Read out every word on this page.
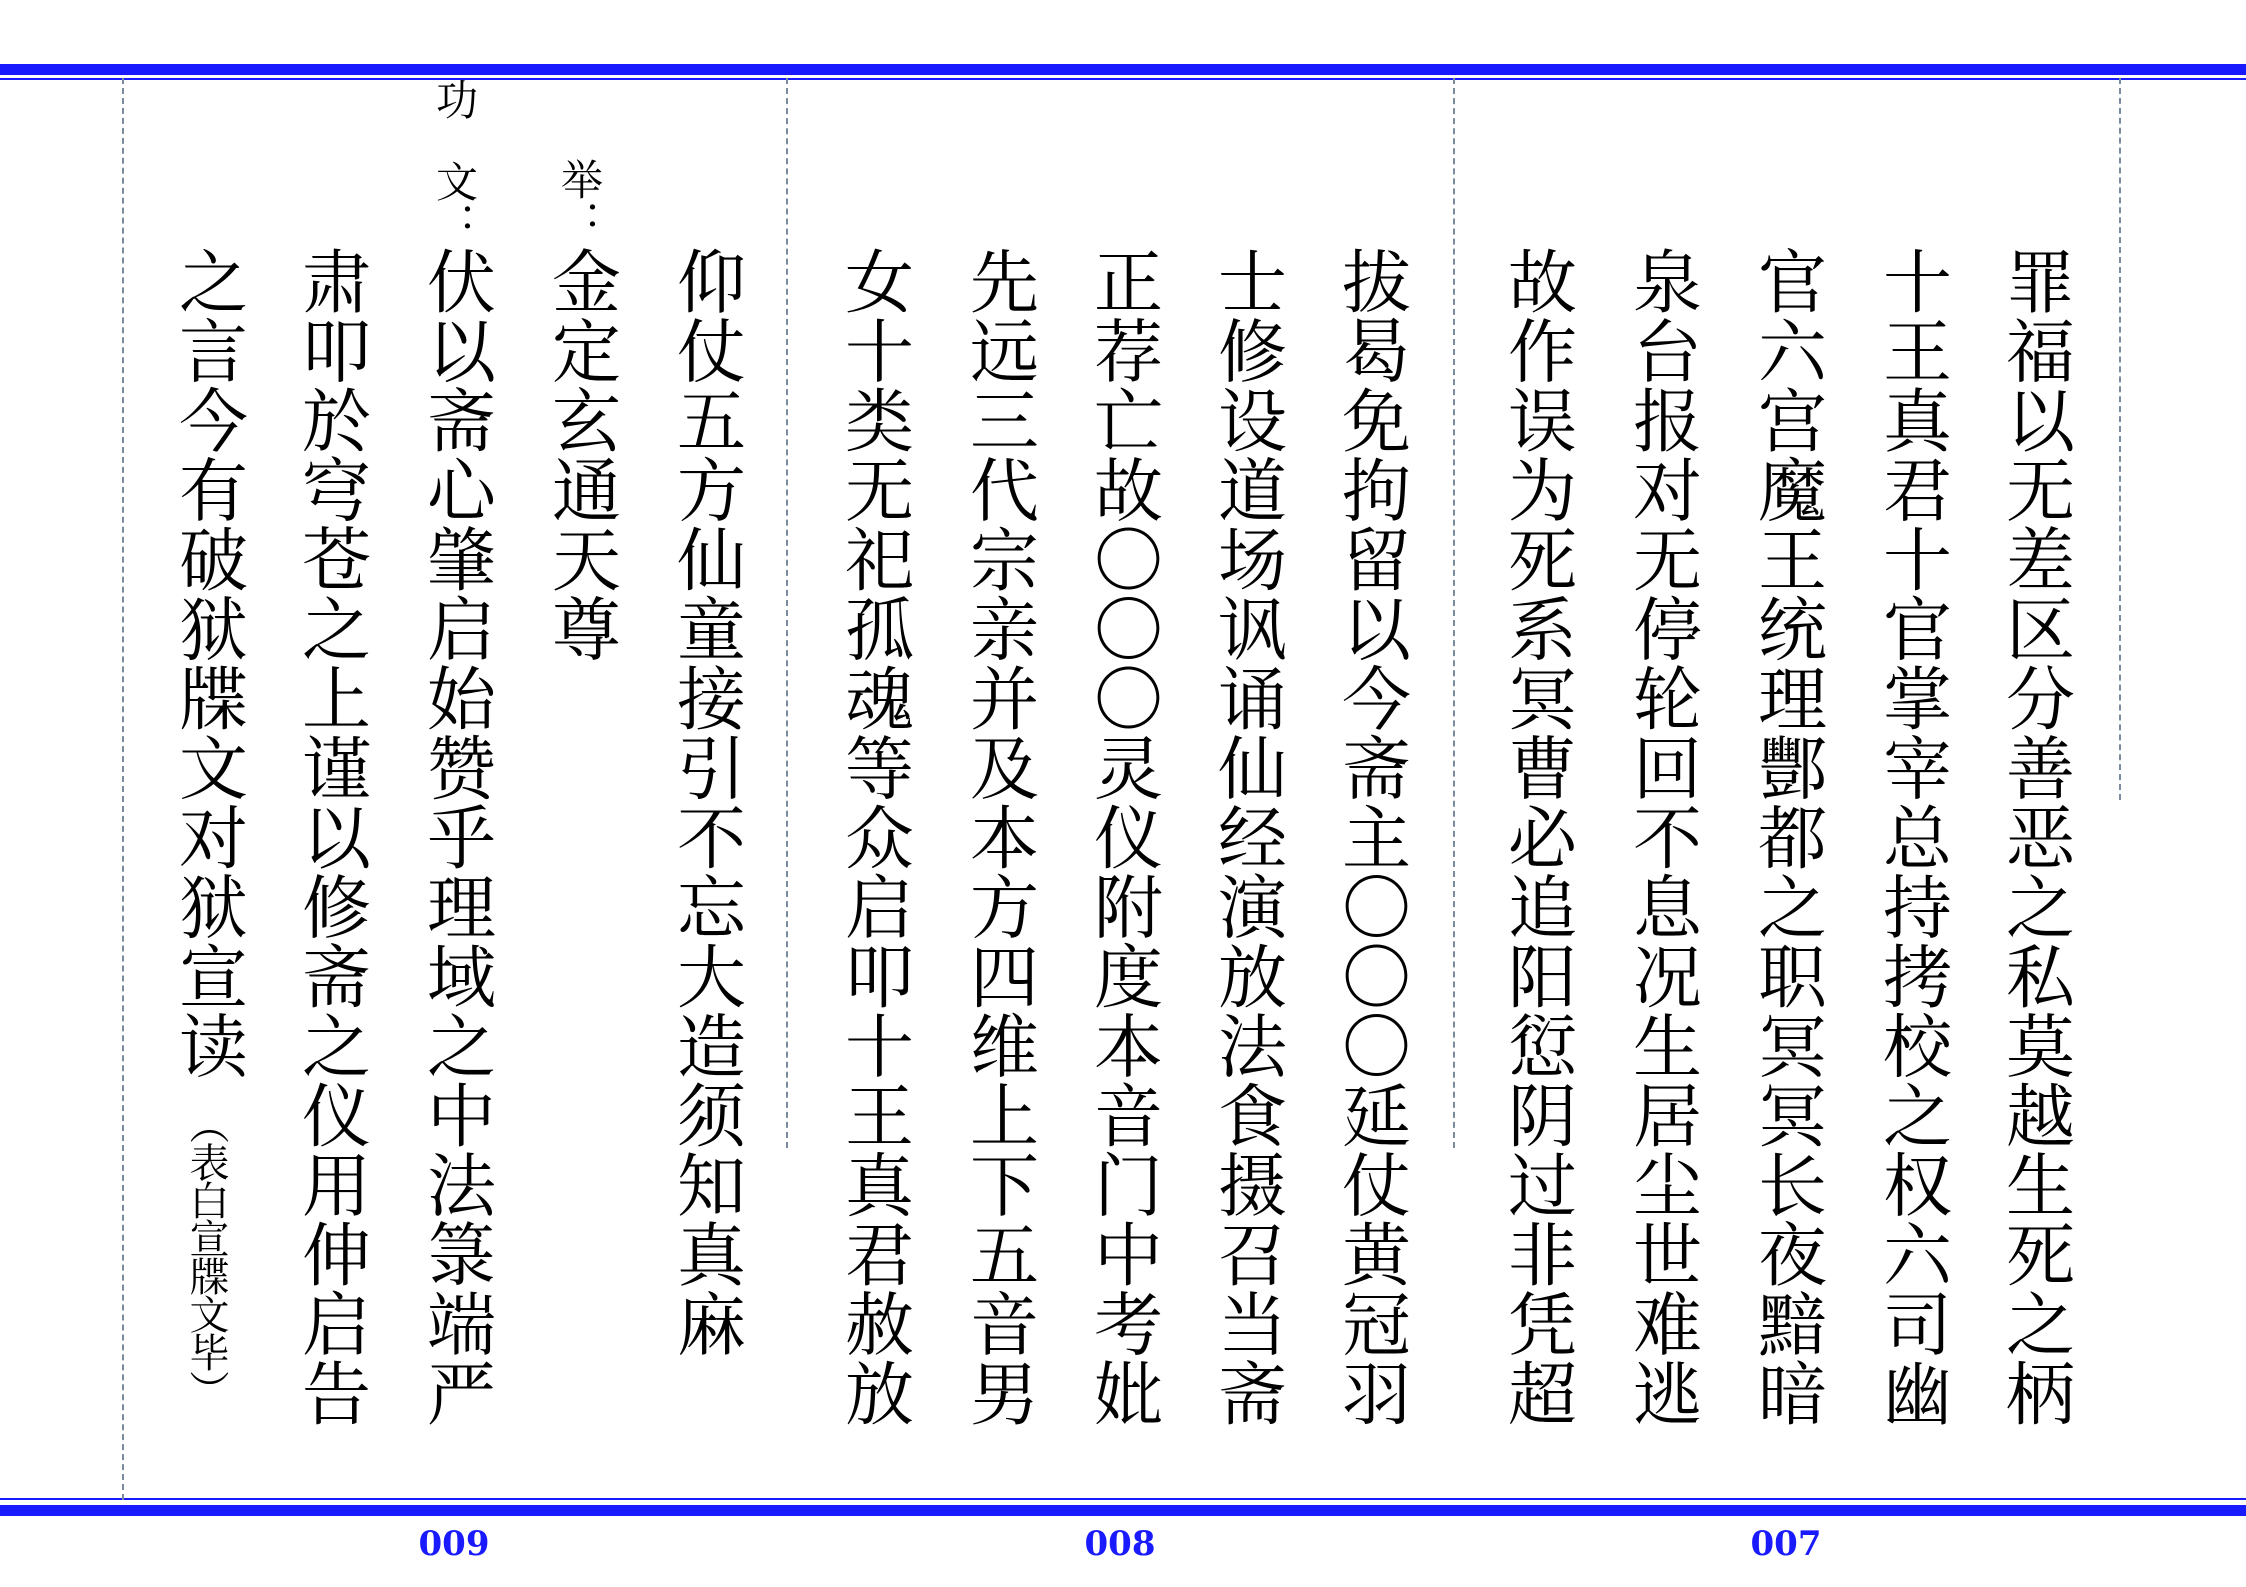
罪福以无差区分善恶之私莫越生死之柄
十王真君十官掌宰总持拷校之权六司幽
官六宫魔王统理酆都之职冥冥长夜黯暗
泉台报对无停轮回不息况生居尘世难逃
故作误为死系冥曹必追阳愆阴过非凭超
拔曷免拘留以今斋主〇〇〇延仗黄冠羽
士修设道场讽诵仙经演放法食摄召当斋
正荐亡故〇〇〇灵仪附度本音门中考妣
先远三代宗亲并及本方四维上下五音男
女十类无祀孤魂等众启叩十王真君赦放
仰仗五方仙童接引不忘大造须知真麻
举：
金定玄通天尊
功
文：
伏以斋心肇启始赞乎理域之中法箓端严
肃叩於穹苍之上谨以修斋之仪用伸启告
之言今有破狱牒文对狱宣读
（表白宣牒文毕）
009	008	007
